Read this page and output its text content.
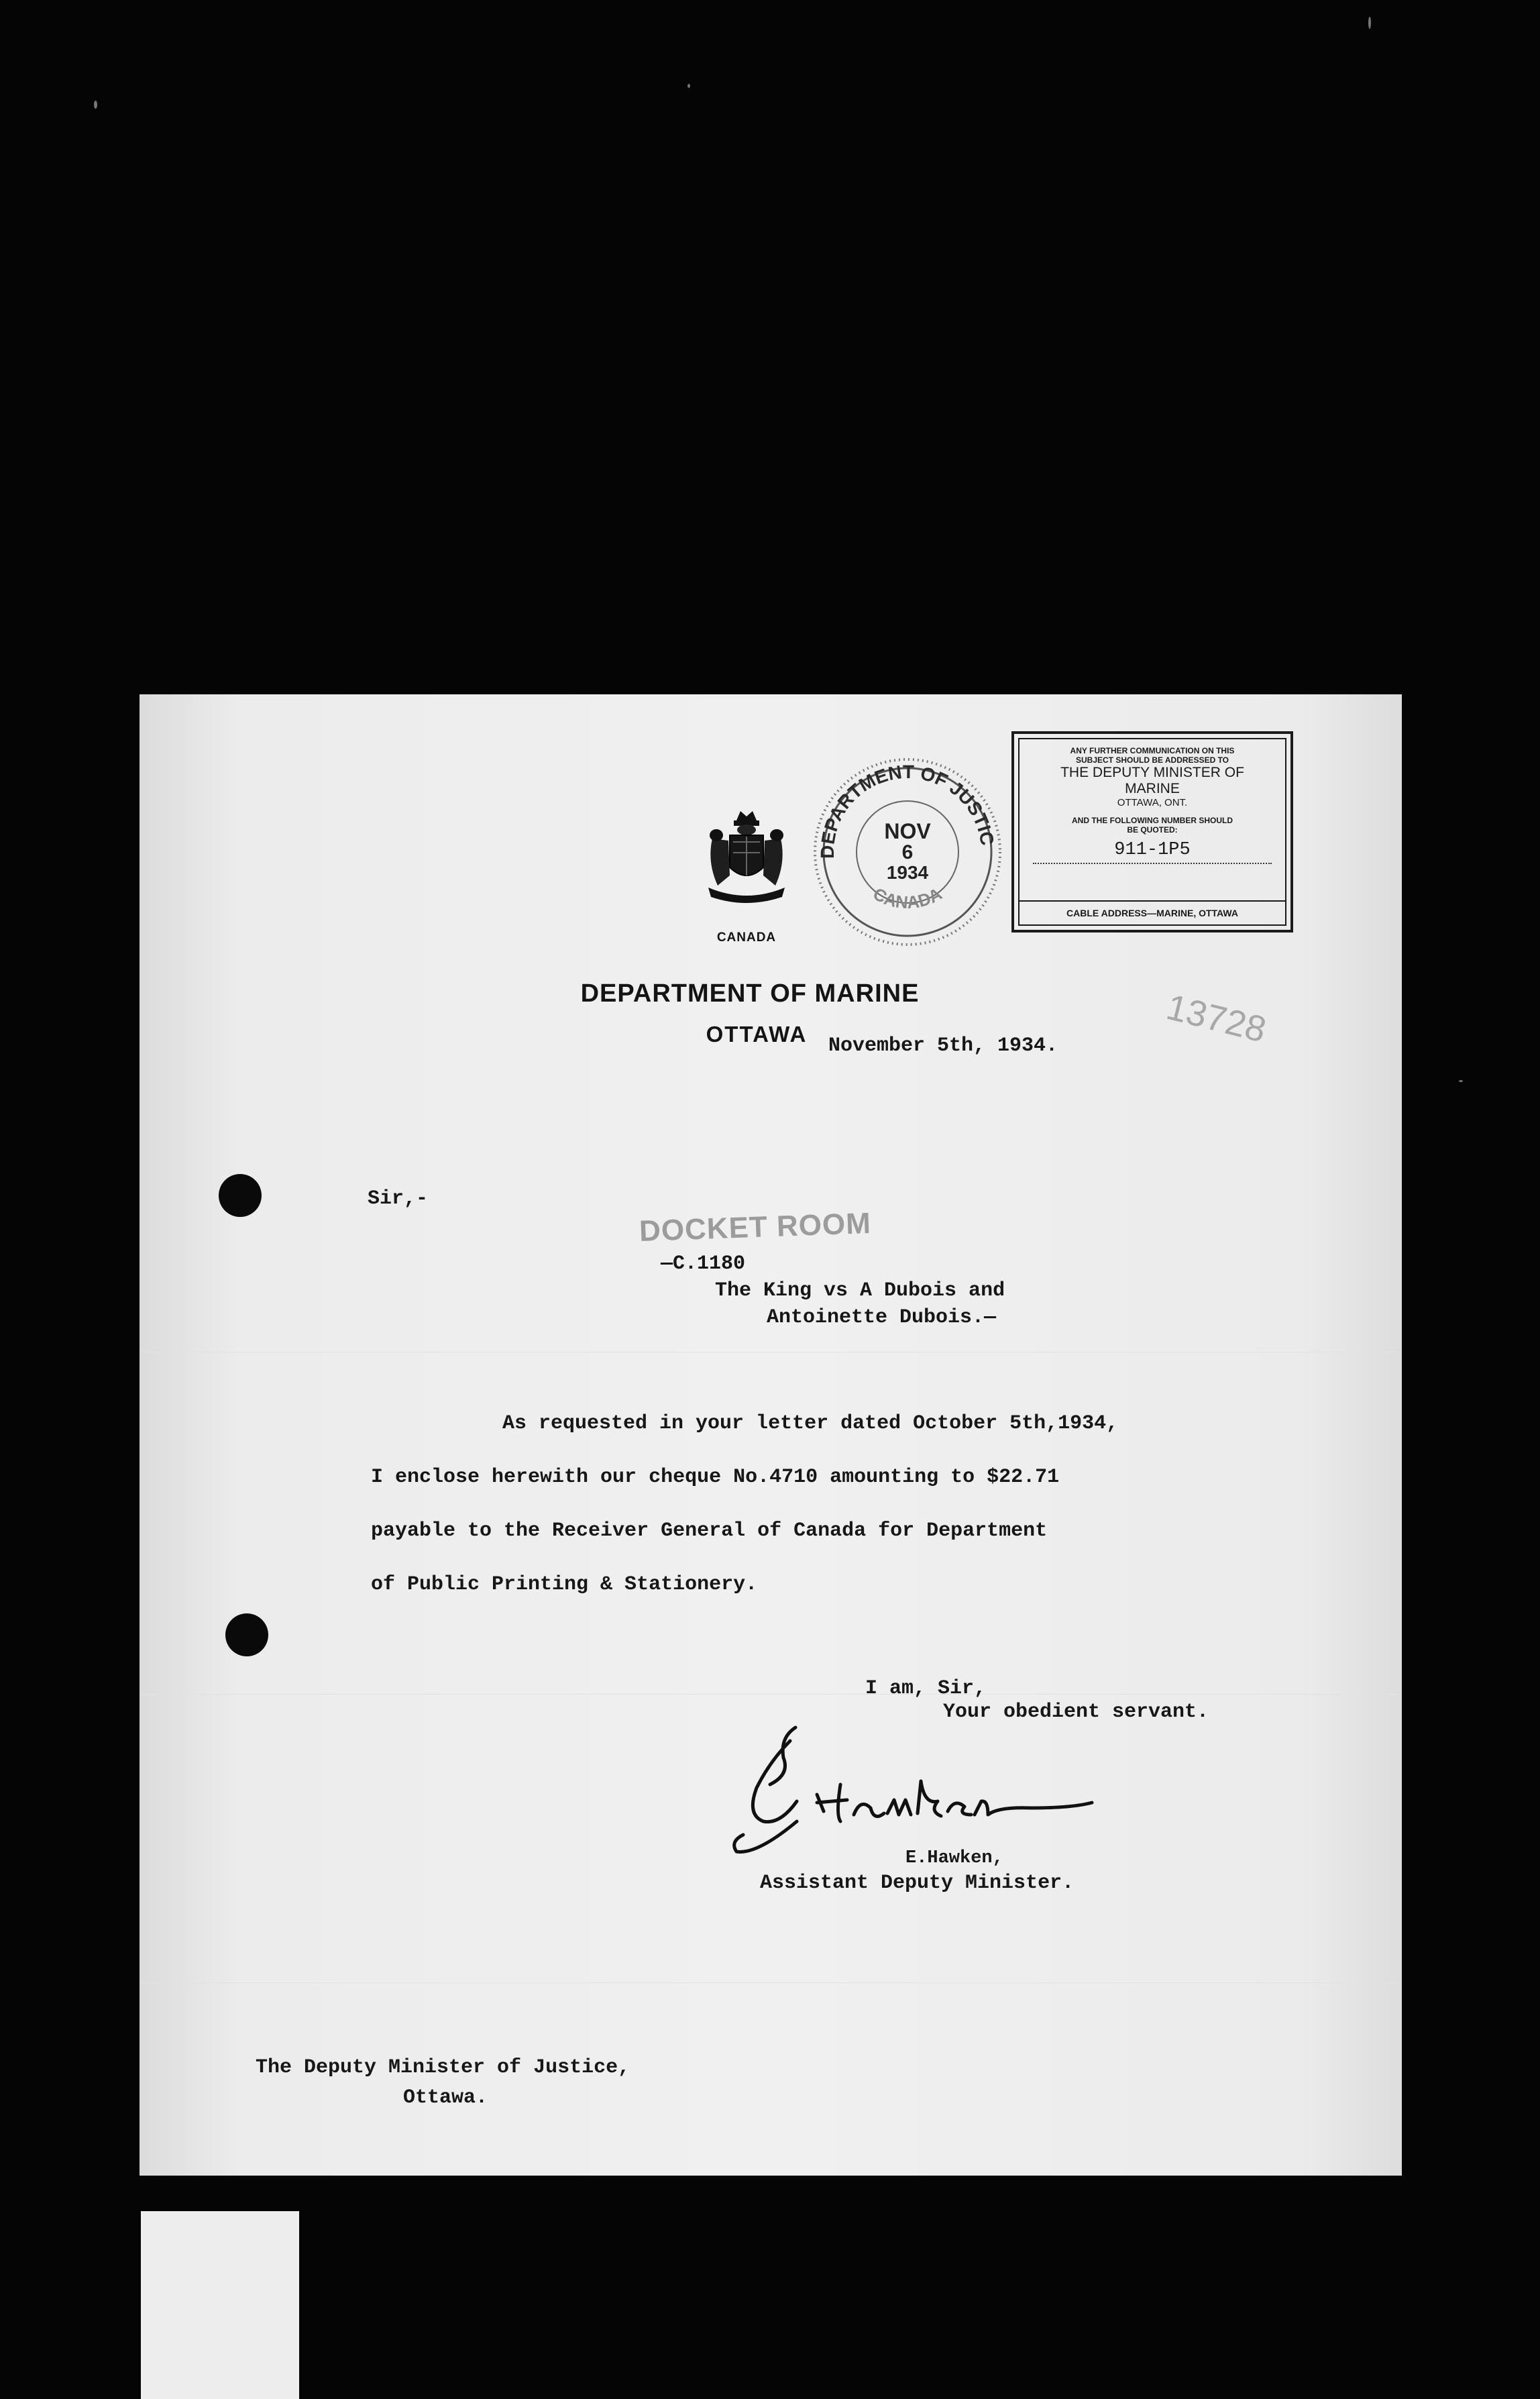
CANADA
DEPARTMENT OF JUSTIC
CANADA
NOV
6
1934
ANY FURTHER COMMUNICATION ON THIS
SUBJECT SHOULD BE ADDRESSED TO
THE DEPUTY MINISTER OF
MARINE
OTTAWA, ONT.
AND THE FOLLOWING NUMBER SHOULD
BE QUOTED:
911-1P5
CABLE ADDRESS—MARINE, OTTAWA
DEPARTMENT OF MARINE
OTTAWA	13728
November 5th, 1934.
Sir,-
DOCKET ROOM
—C.1180
The King vs A Dubois and
Antoinette Dubois.—
As requested in your letter dated October 5th,1934,
I enclose herewith our cheque No.4710 amounting to $22.71
payable to the Receiver General of Canada for Department
of Public Printing & Stationery.
I am, Sir,
Your obedient servant.
E.Hawken,
Assistant Deputy Minister.
The Deputy Minister of Justice,
Ottawa.
